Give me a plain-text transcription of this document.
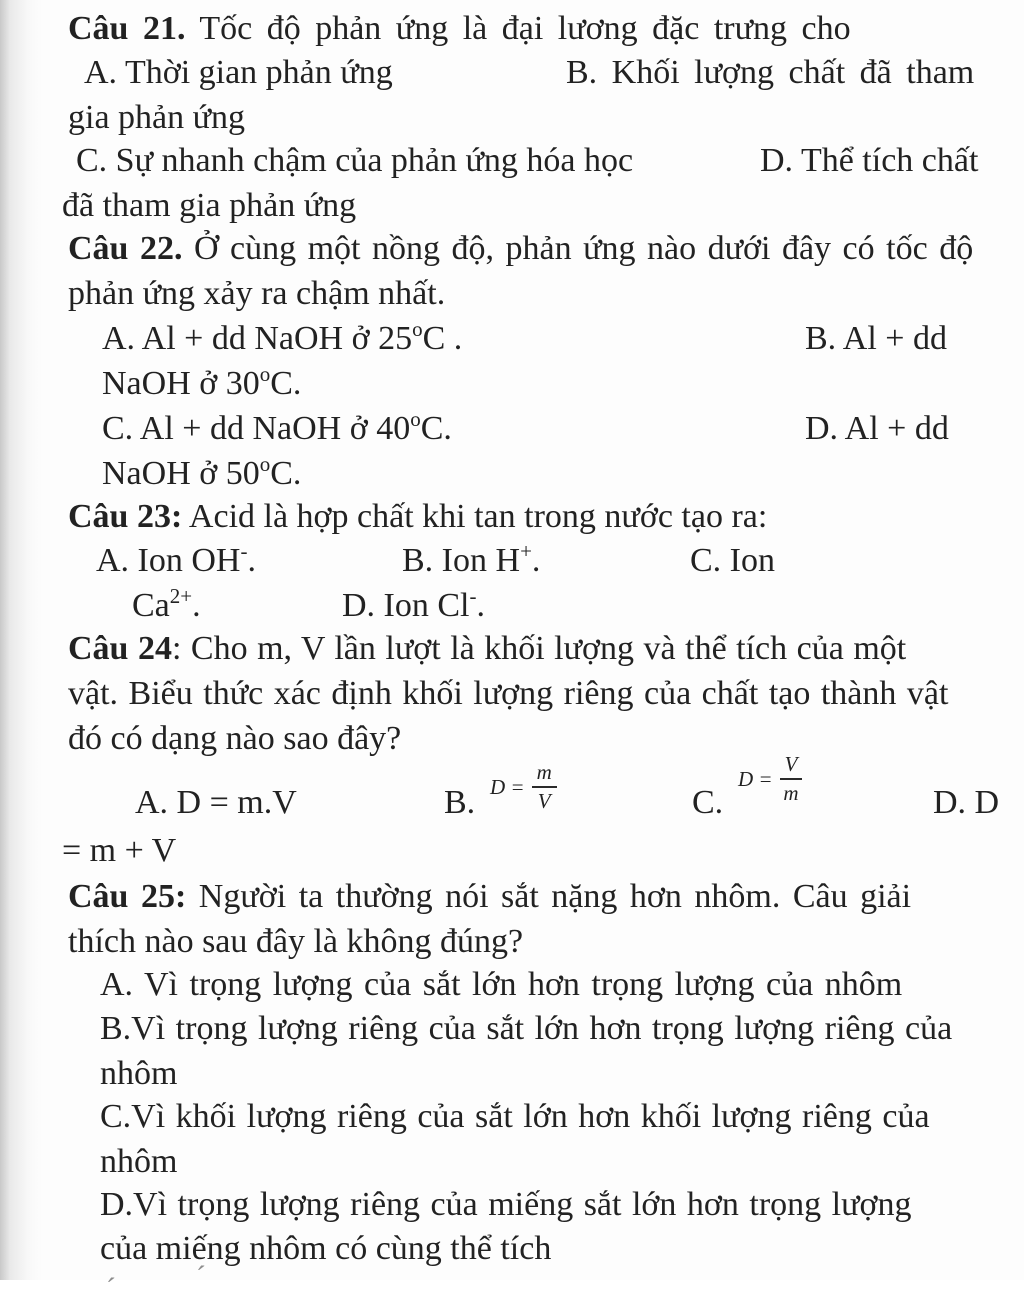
Câu 21. Tốc độ phản ứng là đại lương đặc trưng cho
A. Thời gian phản ứng	B. Khối lượng chất đã tham
gia phản ứng
C. Sự nhanh chậm của phản ứng hóa học	D. Thể tích chất
đã tham gia phản ứng
Câu 22. Ở cùng một nồng độ, phản ứng nào dưới đây có tốc độ
phản ứng xảy ra chậm nhất.
A. Al + dd NaOH ở 25$^o$C .	B. Al + dd
NaOH ở 30$^o$C.
C. Al + dd NaOH ở 40$^o$C.	D. Al + dd
NaOH ở 50$^o$C.
Câu 23: Acid là hợp chất khi tan trong nước tạo ra:
A. Ion OH-.	B. Ion H+.	C. Ion
$Ca^{2+}$.	D. Ion Cl-.
Câu 24: Cho m, V lần lượt là khối lượng và thể tích của một
vật. Biểu thức xác định khối lượng riêng của chất tạo thành vật
đó có dạng nào sao đây?
A. D = m.V	B. $D = \frac{m}{V}$	C.
$D = \frac{V}{m}$	D. D
= m + V
Câu 25: Người ta thường nói sắt nặng hơn nhôm. Câu giải
thích nào sau đây là không đúng?
A. Vì trọng lượng của sắt lớn hơn trọng lượng của nhôm
B.Vì trọng lượng riêng của sắt lớn hơn trọng lượng riêng của
nhôm
C.Vì khối lượng riêng của sắt lớn hơn khối lượng riêng của
nhôm
D.Vì trọng lượng riêng của miếng sắt lớn hơn trọng lượng
của miếng nhôm có cùng thể tích
ˊ
ˊ
